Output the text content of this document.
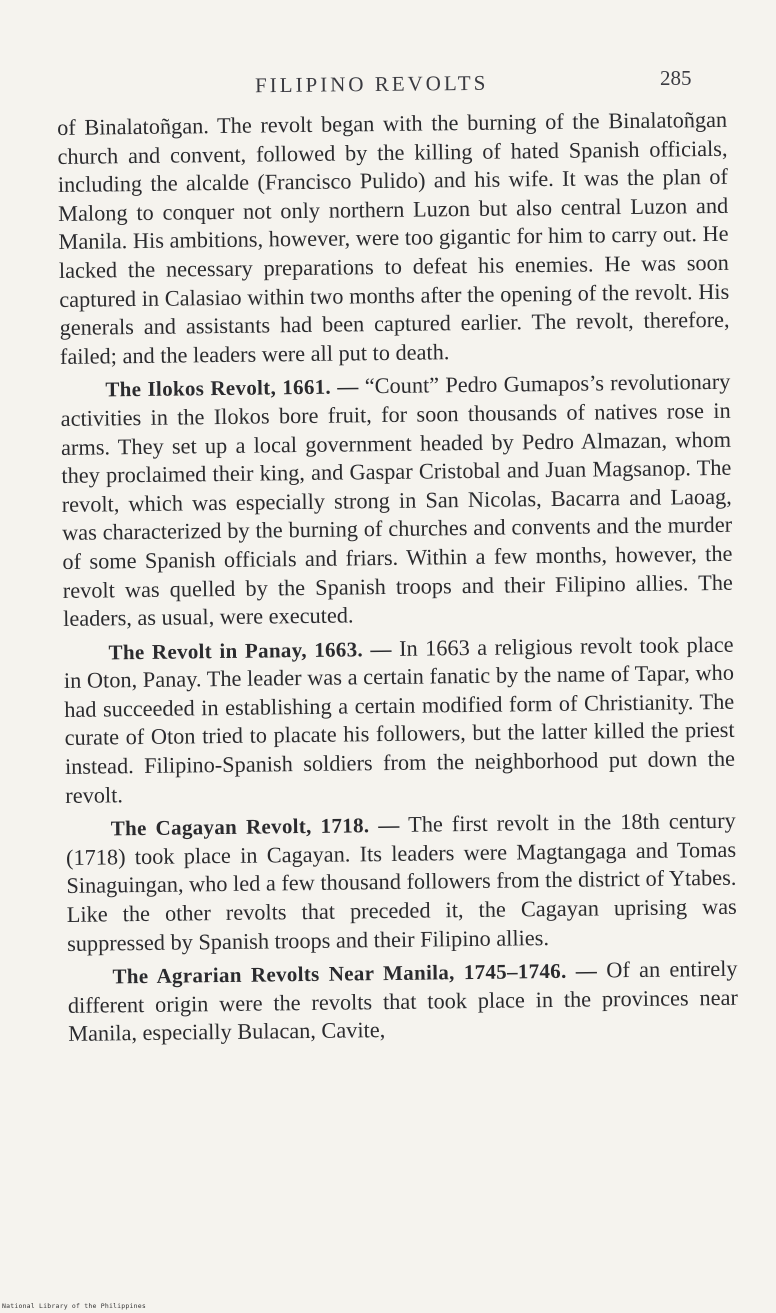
FILIPINO REVOLTS	285

of Binalatoñgan. The revolt began with the burning of the Binalatoñgan church and convent, followed by the killing of hated Spanish officials, including the alcalde (Francisco Pulido) and his wife. It was the plan of Malong to conquer not only northern Luzon but also central Luzon and Manila. His ambitions, however, were too gigantic for him to carry out. He lacked the necessary preparations to defeat his enemies. He was soon captured in Calasiao within two months after the opening of the revolt. His generals and assistants had been captured earlier. The revolt, therefore, failed; and the leaders were all put to death.

The Ilokos Revolt, 1661. — “Count” Pedro Gumapos’s revolutionary activities in the Ilokos bore fruit, for soon thousands of natives rose in arms. They set up a local government headed by Pedro Almazan, whom they proclaimed their king, and Gaspar Cristobal and Juan Magsanop. The revolt, which was especially strong in San Nicolas, Bacarra and Laoag, was characterized by the burning of churches and convents and the murder of some Spanish officials and friars. Within a few months, however, the revolt was quelled by the Spanish troops and their Filipino allies. The leaders, as usual, were executed.

The Revolt in Panay, 1663. — In 1663 a religious revolt took place in Oton, Panay. The leader was a certain fanatic by the name of Tapar, who had succeeded in establishing a certain modified form of Christianity. The curate of Oton tried to placate his followers, but the latter killed the priest instead. Filipino-Spanish soldiers from the neighborhood put down the revolt.

The Cagayan Revolt, 1718. — The first revolt in the 18th century (1718) took place in Cagayan. Its leaders were Magtangaga and Tomas Sinaguingan, who led a few thousand followers from the district of Ytabes. Like the other revolts that preceded it, the Cagayan uprising was suppressed by Spanish troops and their Filipino allies.

The Agrarian Revolts Near Manila, 1745–1746. — Of an entirely different origin were the revolts that took place in the provinces near Manila, especially Bulacan, Cavite,

National Library of the Philippines
